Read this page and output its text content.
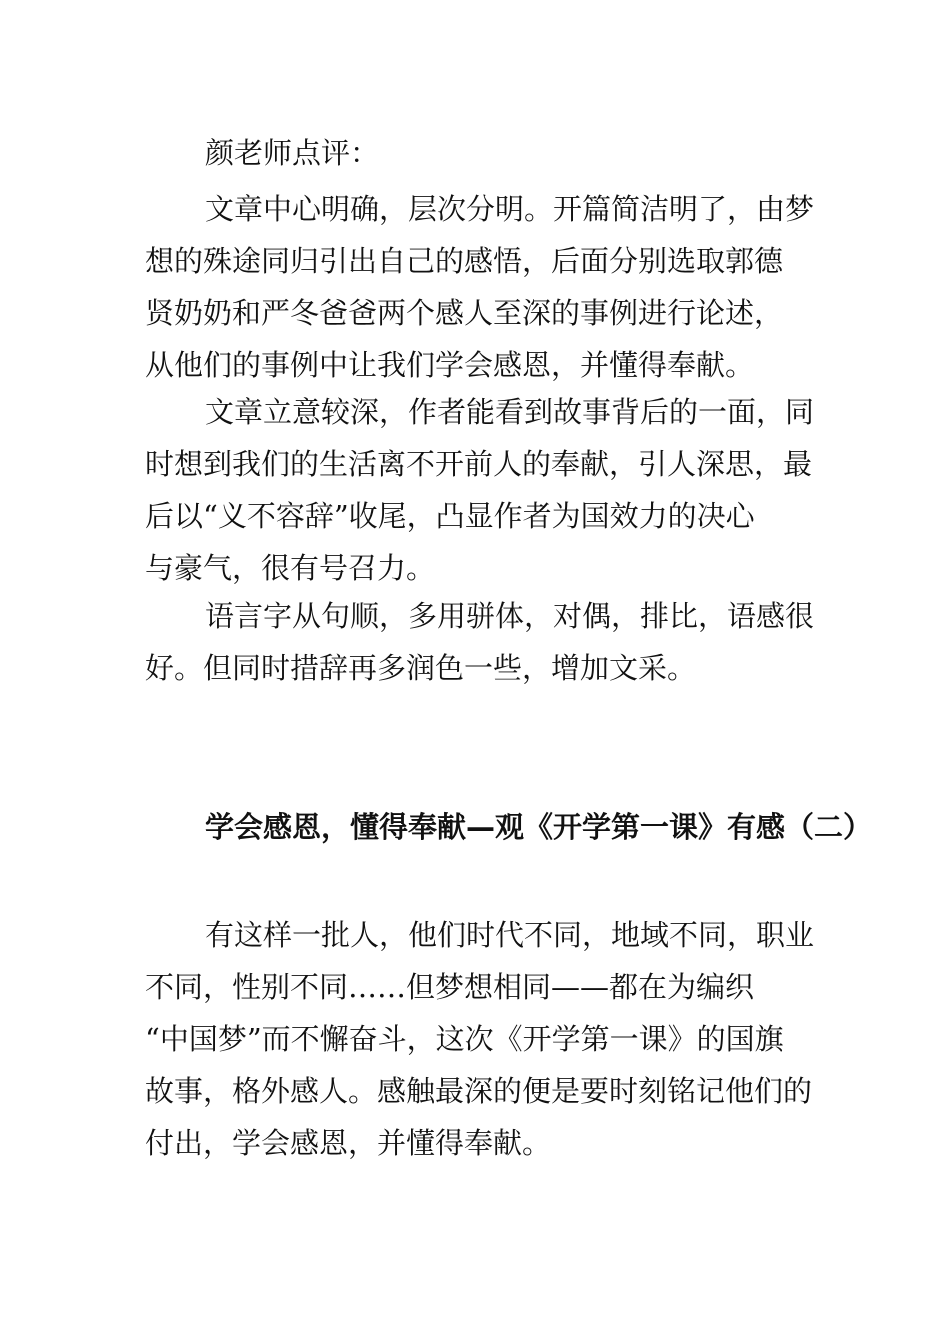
颜老师点评：
文章中心明确，层次分明。开篇简洁明了，由梦
想的殊途同归引出自己的感悟，后面分别选取郭德
贤奶奶和严冬爸爸两个感人至深的事例进行论述，
从他们的事例中让我们学会感恩，并懂得奉献。
文章立意较深，作者能看到故事背后的一面，同
时想到我们的生活离不开前人的奉献，引人深思，最
后以“义不容辞”收尾，凸显作者为国效力的决心
与豪气，很有号召力。
语言字从句顺，多用骈体，对偶，排比，语感很
好。但同时措辞再多润色一些，增加文采。
学会感恩，懂得奉献—观《开学第一课》有感（二）
有这样一批人，他们时代不同，地域不同，职业
不同，性别不同……但梦想相同——都在为编织
“中国梦”而不懈奋斗，这次《开学第一课》的国旗
故事，格外感人。感触最深的便是要时刻铭记他们的
付出，学会感恩，并懂得奉献。
